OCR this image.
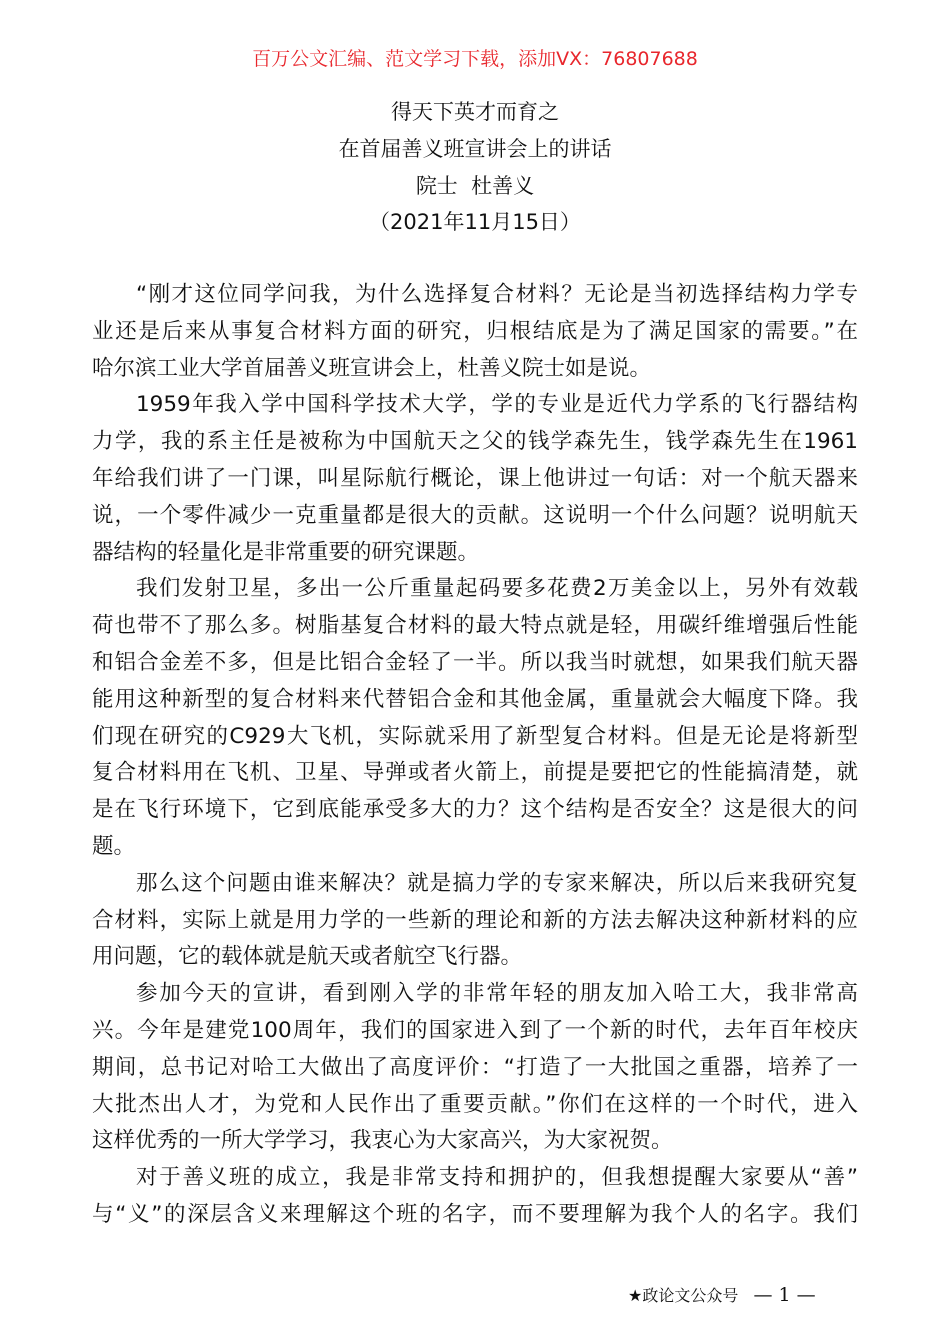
百万公文汇编、范文学习下载，添加VX：76807688
得天下英才而育之
在首届善义班宣讲会上的讲话
院士  杜善义
（2021年11月15日）
“刚才这位同学问我，为什么选择复合材料？无论是当初选择结构力学专
业还是后来从事复合材料方面的研究，归根结底是为了满足国家的需要。”在
哈尔滨工业大学首届善义班宣讲会上，杜善义院士如是说。
1959年我入学中国科学技术大学，学的专业是近代力学系的飞行器结构
力学，我的系主任是被称为中国航天之父的钱学森先生，钱学森先生在1961
年给我们讲了一门课，叫星际航行概论，课上他讲过一句话：对一个航天器来
说，一个零件减少一克重量都是很大的贡献。这说明一个什么问题？说明航天
器结构的轻量化是非常重要的研究课题。
我们发射卫星，多出一公斤重量起码要多花费2万美金以上，另外有效载
荷也带不了那么多。树脂基复合材料的最大特点就是轻，用碳纤维增强后性能
和铝合金差不多，但是比铝合金轻了一半。所以我当时就想，如果我们航天器
能用这种新型的复合材料来代替铝合金和其他金属，重量就会大幅度下降。我
们现在研究的C929大飞机，实际就采用了新型复合材料。但是无论是将新型
复合材料用在飞机、卫星、导弹或者火箭上，前提是要把它的性能搞清楚，就
是在飞行环境下，它到底能承受多大的力？这个结构是否安全？这是很大的问
题。
那么这个问题由谁来解决？就是搞力学的专家来解决，所以后来我研究复
合材料，实际上就是用力学的一些新的理论和新的方法去解决这种新材料的应
用问题，它的载体就是航天或者航空飞行器。
参加今天的宣讲，看到刚入学的非常年轻的朋友加入哈工大，我非常高
兴。今年是建党100周年，我们的国家进入到了一个新的时代，去年百年校庆
期间，总书记对哈工大做出了高度评价：“打造了一大批国之重器，培养了一
大批杰出人才，为党和人民作出了重要贡献。”你们在这样的一个时代，进入
这样优秀的一所大学学习，我衷心为大家高兴，为大家祝贺。
对于善义班的成立，我是非常支持和拥护的，但我想提醒大家要从“善”
与“义”的深层含义来理解这个班的名字，而不要理解为我个人的名字。我们
★政论文公众号 — 1 —
